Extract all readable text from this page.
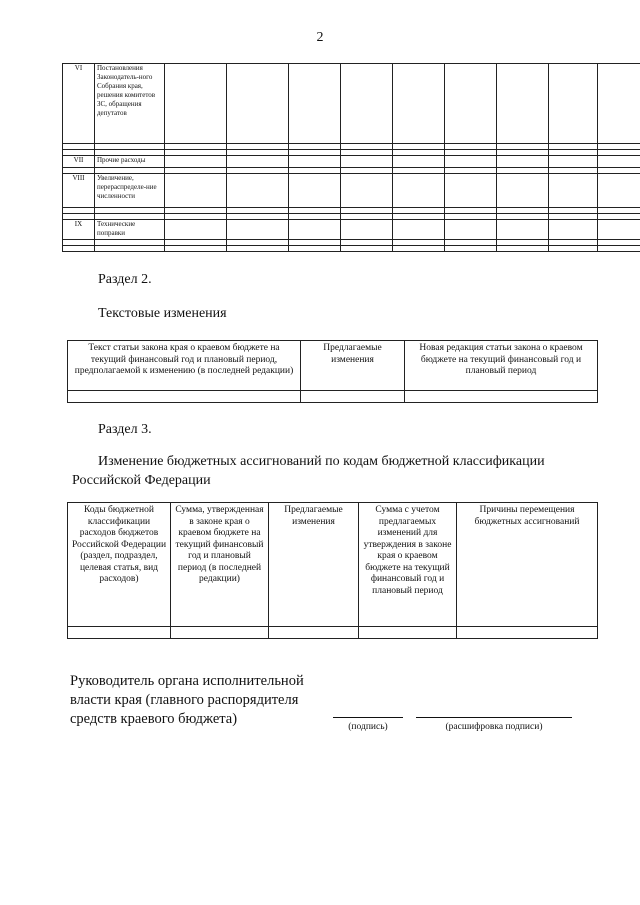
2
VI	Постановления Законодатель-ного Собрания края, решения комитетов ЗС, обращения депутатов									

VII	Прочие расходы									

VIII	Увеличение, перераспределе-ние численности									

IX	Технические поправки									

Раздел 2.
Текстовые изменения
Текст статьи закона края о краевом бюджете на текущий финансовый год и плановый период, предполагаемой к изменению (в последней редакции)	Предлагаемые изменения	Новая редакция статьи закона о краевом бюджете на текущий финансовый год и плановый период

Раздел 3.
Изменение бюджетных ассигнований по кодам бюджетной классификации Российской Федерации
Коды бюджетной классификации расходов бюджетов Российской Федерации (раздел, подраздел, целевая статья, вид расходов)	Сумма, утвержденная в законе края о краевом бюджете на текущий финансовый год и плановый период (в последней редакции)	Предлагаемые изменения	Сумма с учетом предлагаемых изменений для утверждения в законе края о краевом бюджете на текущий финансовый год и плановый период	Причины перемещения бюджетных ассигнований

Руководитель органа исполнительной власти края (главного распорядителя средств краевого бюджета)	(подпись)	(расшифровка подписи)
